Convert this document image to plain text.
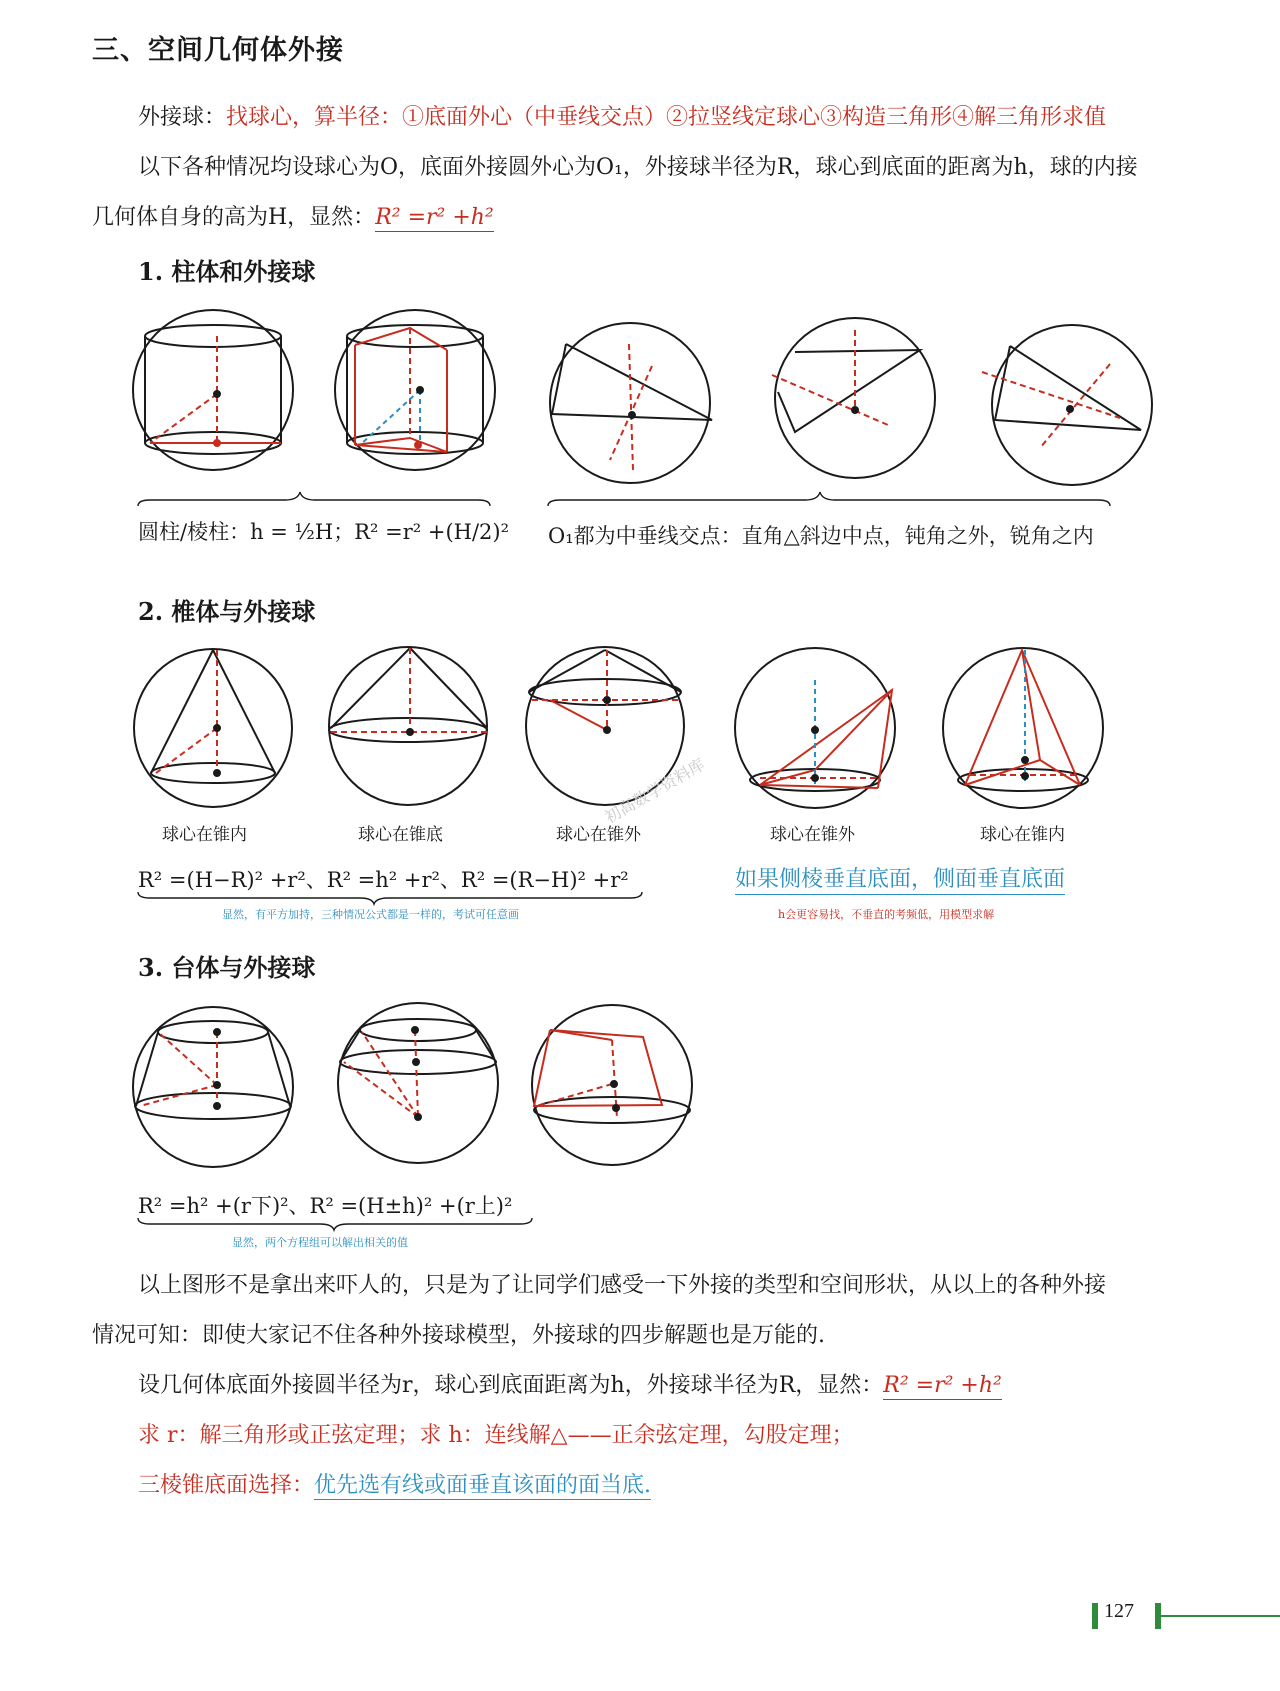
三、空间几何体外接
外接球：找球心，算半径：①底面外心（中垂线交点）②拉竖线定球心③构造三角形④解三角形求值
以下各种情况均设球心为O，底面外接圆外心为O₁，外接球半径为R，球心到底面的距离为h，球的内接
几何体自身的高为H，显然：R² =r² +h²
1. 柱体和外接球
圆柱/棱柱：h = ½H；R² =r² +(H/2)² O₁都为中垂线交点：直角△斜边中点，钝角之外，锐角之内
2. 椎体与外接球
球心在锥内	球心在锥底	球心在锥外	球心在锥外	球心在锥内
初高数学资料库
R² =(H−R)² +r²、R² =h² +r²、R² =(R−H)² +r²
显然，有平方加持，三种情况公式都是一样的，考试可任意画
如果侧棱垂直底面，侧面垂直底面
h会更容易找，不垂直的考频低，用模型求解
3. 台体与外接球
R² =h² +(r下)²、R² =(H±h)² +(r上)²
显然，两个方程组可以解出相关的值
以上图形不是拿出来吓人的，只是为了让同学们感受一下外接的类型和空间形状，从以上的各种外接
情况可知：即使大家记不住各种外接球模型，外接球的四步解题也是万能的.
设几何体底面外接圆半径为r，球心到底面距离为h，外接球半径为R，显然：R² =r² +h²
求 r：解三角形或正弦定理；求 h：连线解△——正余弦定理，勾股定理；
三棱锥底面选择：优先选有线或面垂直该面的面当底.
127
